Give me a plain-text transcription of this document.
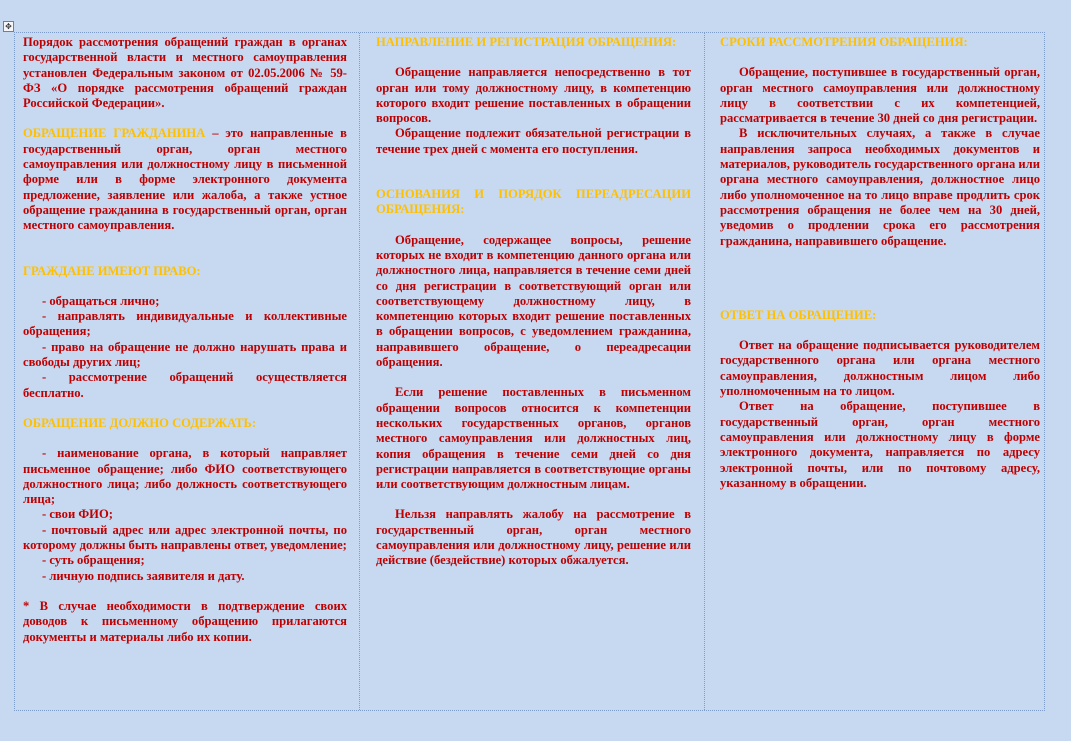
✥

Порядок рассмотрения обращений граждан в органах государственной власти и местного самоуправления установлен Федеральным законом от 02.05.2006 № 59-ФЗ «О порядке рассмотрения обращений граждан Российской Федерации».

ОБРАЩЕНИЕ ГРАЖДАНИНА – это направленные в государственный орган, орган местного самоуправления или должностному лицу в письменной форме или в форме электронного документа предложение, заявление или жалоба, а также устное обращение гражданина в государственный орган, орган местного самоуправления.

ГРАЖДАНЕ ИМЕЮТ ПРАВО:

- обращаться лично;

- направлять индивидуальные и коллективные обращения;

- право на обращение не должно нарушать права и свободы других лиц;

- рассмотрение обращений осуществляется бесплатно.

ОБРАЩЕНИЕ ДОЛЖНО СОДЕРЖАТЬ:

- наименование органа, в который направляет письменное обращение; либо ФИО соответствующего должностного лица; либо должность соответствующего лица;

- свои ФИО;

- почтовый адрес или адрес электронной почты, по которому должны быть направлены ответ, уведомление;

- суть обращения;

- личную подпись заявителя и дату.

* В случае необходимости в подтверждение своих доводов к письменному обращению прилагаются документы и материалы либо их копии.

НАПРАВЛЕНИЕ И РЕГИСТРАЦИЯ ОБРАЩЕНИЯ:

Обращение направляется непосредственно в тот орган или тому должностному лицу, в компетенцию которого входит решение поставленных в обращении вопросов.

Обращение подлежит обязательной регистрации в течение трех дней с момента его поступления.

ОСНОВАНИЯ И ПОРЯДОК ПЕРЕАДРЕСАЦИИ ОБРАЩЕНИЯ:

Обращение, содержащее вопросы, решение которых не входит в компетенцию данного органа или должностного лица, направляется в течение семи дней со дня регистрации в соответствующий орган или соответствующему должностному лицу, в компетенцию которых входит решение поставленных в обращении вопросов, с уведомлением гражданина, направившего обращение, о переадресации обращения.

Если решение поставленных в письменном обращении вопросов относится к компетенции нескольких государственных органов, органов местного самоуправления или должностных лиц, копия обращения в течение семи дней со дня регистрации направляется в соответствующие органы или соответствующим должностным лицам.

Нельзя направлять жалобу на рассмотрение в государственный орган, орган местного самоуправления или должностному лицу, решение или действие (бездействие) которых обжалуется.

СРОКИ РАССМОТРЕНИЯ ОБРАЩЕНИЯ:

Обращение, поступившее в государственный орган, орган местного самоуправления или должностному лицу в соответствии с их компетенцией, рассматривается в течение 30 дней со дня регистрации.

В исключительных случаях, а также в случае направления запроса необходимых документов и материалов, руководитель государственного органа или органа местного самоуправления, должностное лицо либо уполномоченное на то лицо вправе продлить срок рассмотрения обращения не более чем на 30 дней, уведомив о продлении срока его рассмотрения гражданина, направившего обращение.

ОТВЕТ НА ОБРАЩЕНИЕ:

Ответ на обращение подписывается руководителем государственного органа или органа местного самоуправления, должностным лицом либо уполномоченным на то лицом.

Ответ на обращение, поступившее в государственный орган, орган местного самоуправления или должностному лицу в форме электронного документа, направляется по адресу электронной почты, или по почтовому адресу, указанному в обращении.
